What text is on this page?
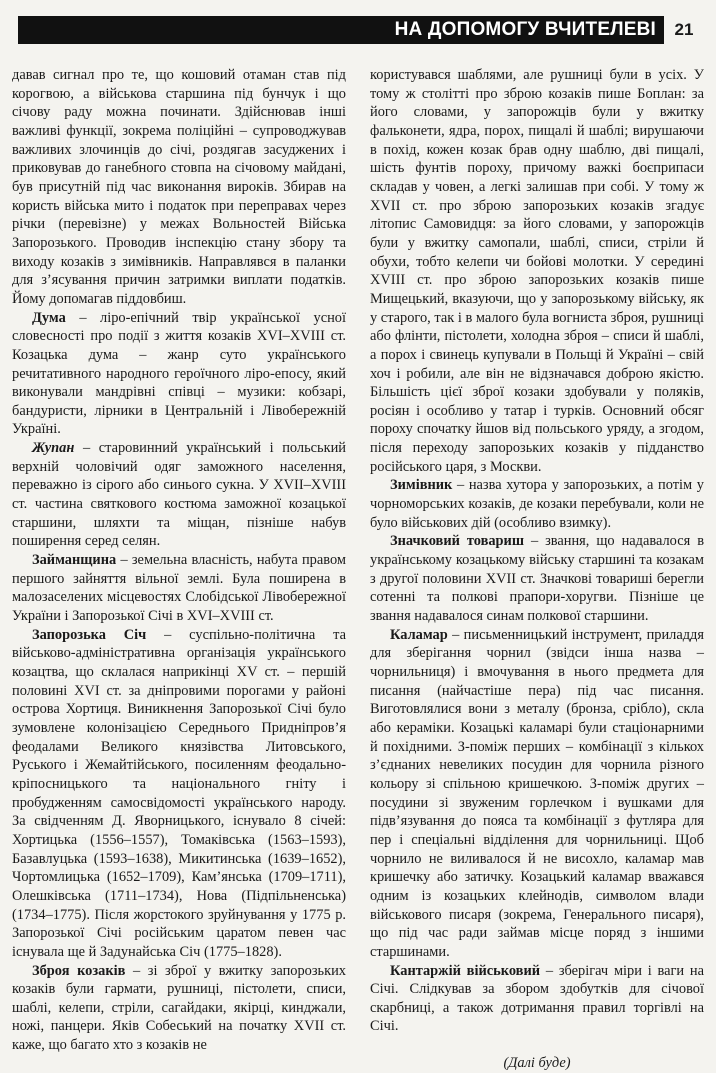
НА ДОПОМОГУ ВЧИТЕЛЕВІ	21

давав сигнал про те, що кошовий отаман став під корогвою, а військова старшина під бунчук і що січову раду можна починати. Здійснював інші важливі функції, зокрема поліційні – супроводжував важливих злочинців до січі, роздягав засуджених і приковував до ганебного стовпа на січовому майдані, був присутній під час виконання вироків. Збирав на користь війська мито і податок при переправах через річки (перевізне) у межах Вольностей Війська Запорозького. Проводив інспекцію стану збору та виходу козаків з зимівників. Направлявся в паланки для з’ясування причин затримки виплати податків. Йому допомагав піддовбиш.

Дума – ліро-епічний твір української усної словесності про події з життя козаків XVI–XVIII ст. Козацька дума – жанр суто українського речитативного народного героїчного ліро-епосу, який виконували мандрівні співці – музики: кобзарі, бандуристи, лірники в Центральній і Лівобережній Україні.

Жупан – старовинний український і польський верхній чоловічий одяг заможного населення, переважно із сірого або синього сукна. У XVII–XVIII ст. частина святкового костюма заможної козацької старшини, шляхти та міщан, пізніше набув поширення серед селян.

Займанщина – земельна власність, набута правом першого зайняття вільної землі. Була поширена в малозаселених місцевостях Слобідської Лівобережної України і Запорозької Січі в XVI–XVIII ст.

Запорозька Січ – суспільно-політична та військово-адміністративна організація українського козацтва, що склалася наприкінці XV ст. – першій половині XVI ст. за дніпровими порогами у районі острова Хортиця. Виникнення Запорозької Січі було зумовлене колонізацією Середнього Придніпров’я феодалами Великого князівства Литовського, Руського і Жемайтійського, посиленням феодально-кріпосницького та національного гніту і пробудженням самосвідомості українського народу. За свідченням Д. Яворницького, існувало 8 січей: Хортицька (1556–1557), Томаківська (1563–1593), Базавлуцька (1593–1638), Микитинська (1639–1652), Чортомлицька (1652–1709), Кам’янська (1709–1711), Олешківська (1711–1734), Нова (Підпільненська) (1734–1775). Після жорстокого зруйнування у 1775 р. Запорозької Січі російським царатом певен час існувала ще й Задунайська Січ (1775–1828).

Зброя козаків – зі зброї у вжитку запорозьких козаків були гармати, рушниці, пістолети, списи, шаблі, келепи, стріли, сагайдаки, якірці, кинджали, ножі, панцери. Яків Собеський на початку XVII ст. каже, що багато хто з козаків не

користувався шаблями, але рушниці були в усіх. У тому ж столітті про зброю козаків пише Боплан: за його словами, у запорожців були у вжитку фальконети, ядра, порох, пищалі й шаблі; вирушаючи в похід, кожен козак брав одну шаблю, дві пищалі, шість фунтів пороху, причому важкі боєприпаси складав у човен, а легкі залишав при собі. У тому ж XVII ст. про зброю запорозьких козаків згадує літопис Самовидця: за його словами, у запорожців були у вжитку самопали, шаблі, списи, стріли й обухи, тобто келепи чи бойові молотки. У середині XVIII ст. про зброю запорозьких козаків пише Мищецький, вказуючи, що у запорозькому війську, як у старого, так і в малого була вогниста зброя, рушниці або флінти, пістолети, холодна зброя – списи й шаблі, а порох і свинець купували в Польщі й Україні – свій хоч і робили, але він не відзначався доброю якістю. Більшість цієї зброї козаки здобували у поляків, росіян і особливо у татар і турків. Основний обсяг пороху спочатку йшов від польського уряду, а згодом, після переходу запорозьких козаків у підданство російського царя, з Москви.

Зимівник – назва хутора у запорозьких, а потім у чорноморських козаків, де козаки перебували, коли не було військових дій (особливо взимку).

Значковий товариш – звання, що надавалося в українському козацькому війську старшині та козакам з другої половини XVII ст. Значкові товариші берегли сотенні та полкові прапори-хоругви. Пізніше це звання надавалося синам полкової старшини.

Каламар – письменницький інструмент, приладдя для зберігання чорнил (звідси інша назва – чорнильниця) і вмочування в нього предмета для писання (найчастіше пера) під час писання. Виготовлялися вони з металу (бронза, срібло), скла або кераміки. Козацькі каламарі були стаціонарними й похідними. З-поміж перших – комбінації з кількох з’єднаних невеликих посудин для чорнила різного кольору зі спільною кришечкою. З-поміж других – посудини зі звуженим горлечком і вушками для підв’язування до пояса та комбінації з футляра для пер і спеціальні відділення для чорнильниці. Щоб чорнило не виливалося й не висохло, каламар мав кришечку або затичку. Козацький каламар вважався одним із козацьких клейнодів, символом влади військового писаря (зокрема, Генерального писаря), що під час ради займав місце поряд з іншими старшинами.

Кантаржій військовий – зберігач міри і ваги на Січі. Слідкував за збором здобутків для січової скарбниці, а також дотримання правил торгівлі на Січі.

(Далі буде)
